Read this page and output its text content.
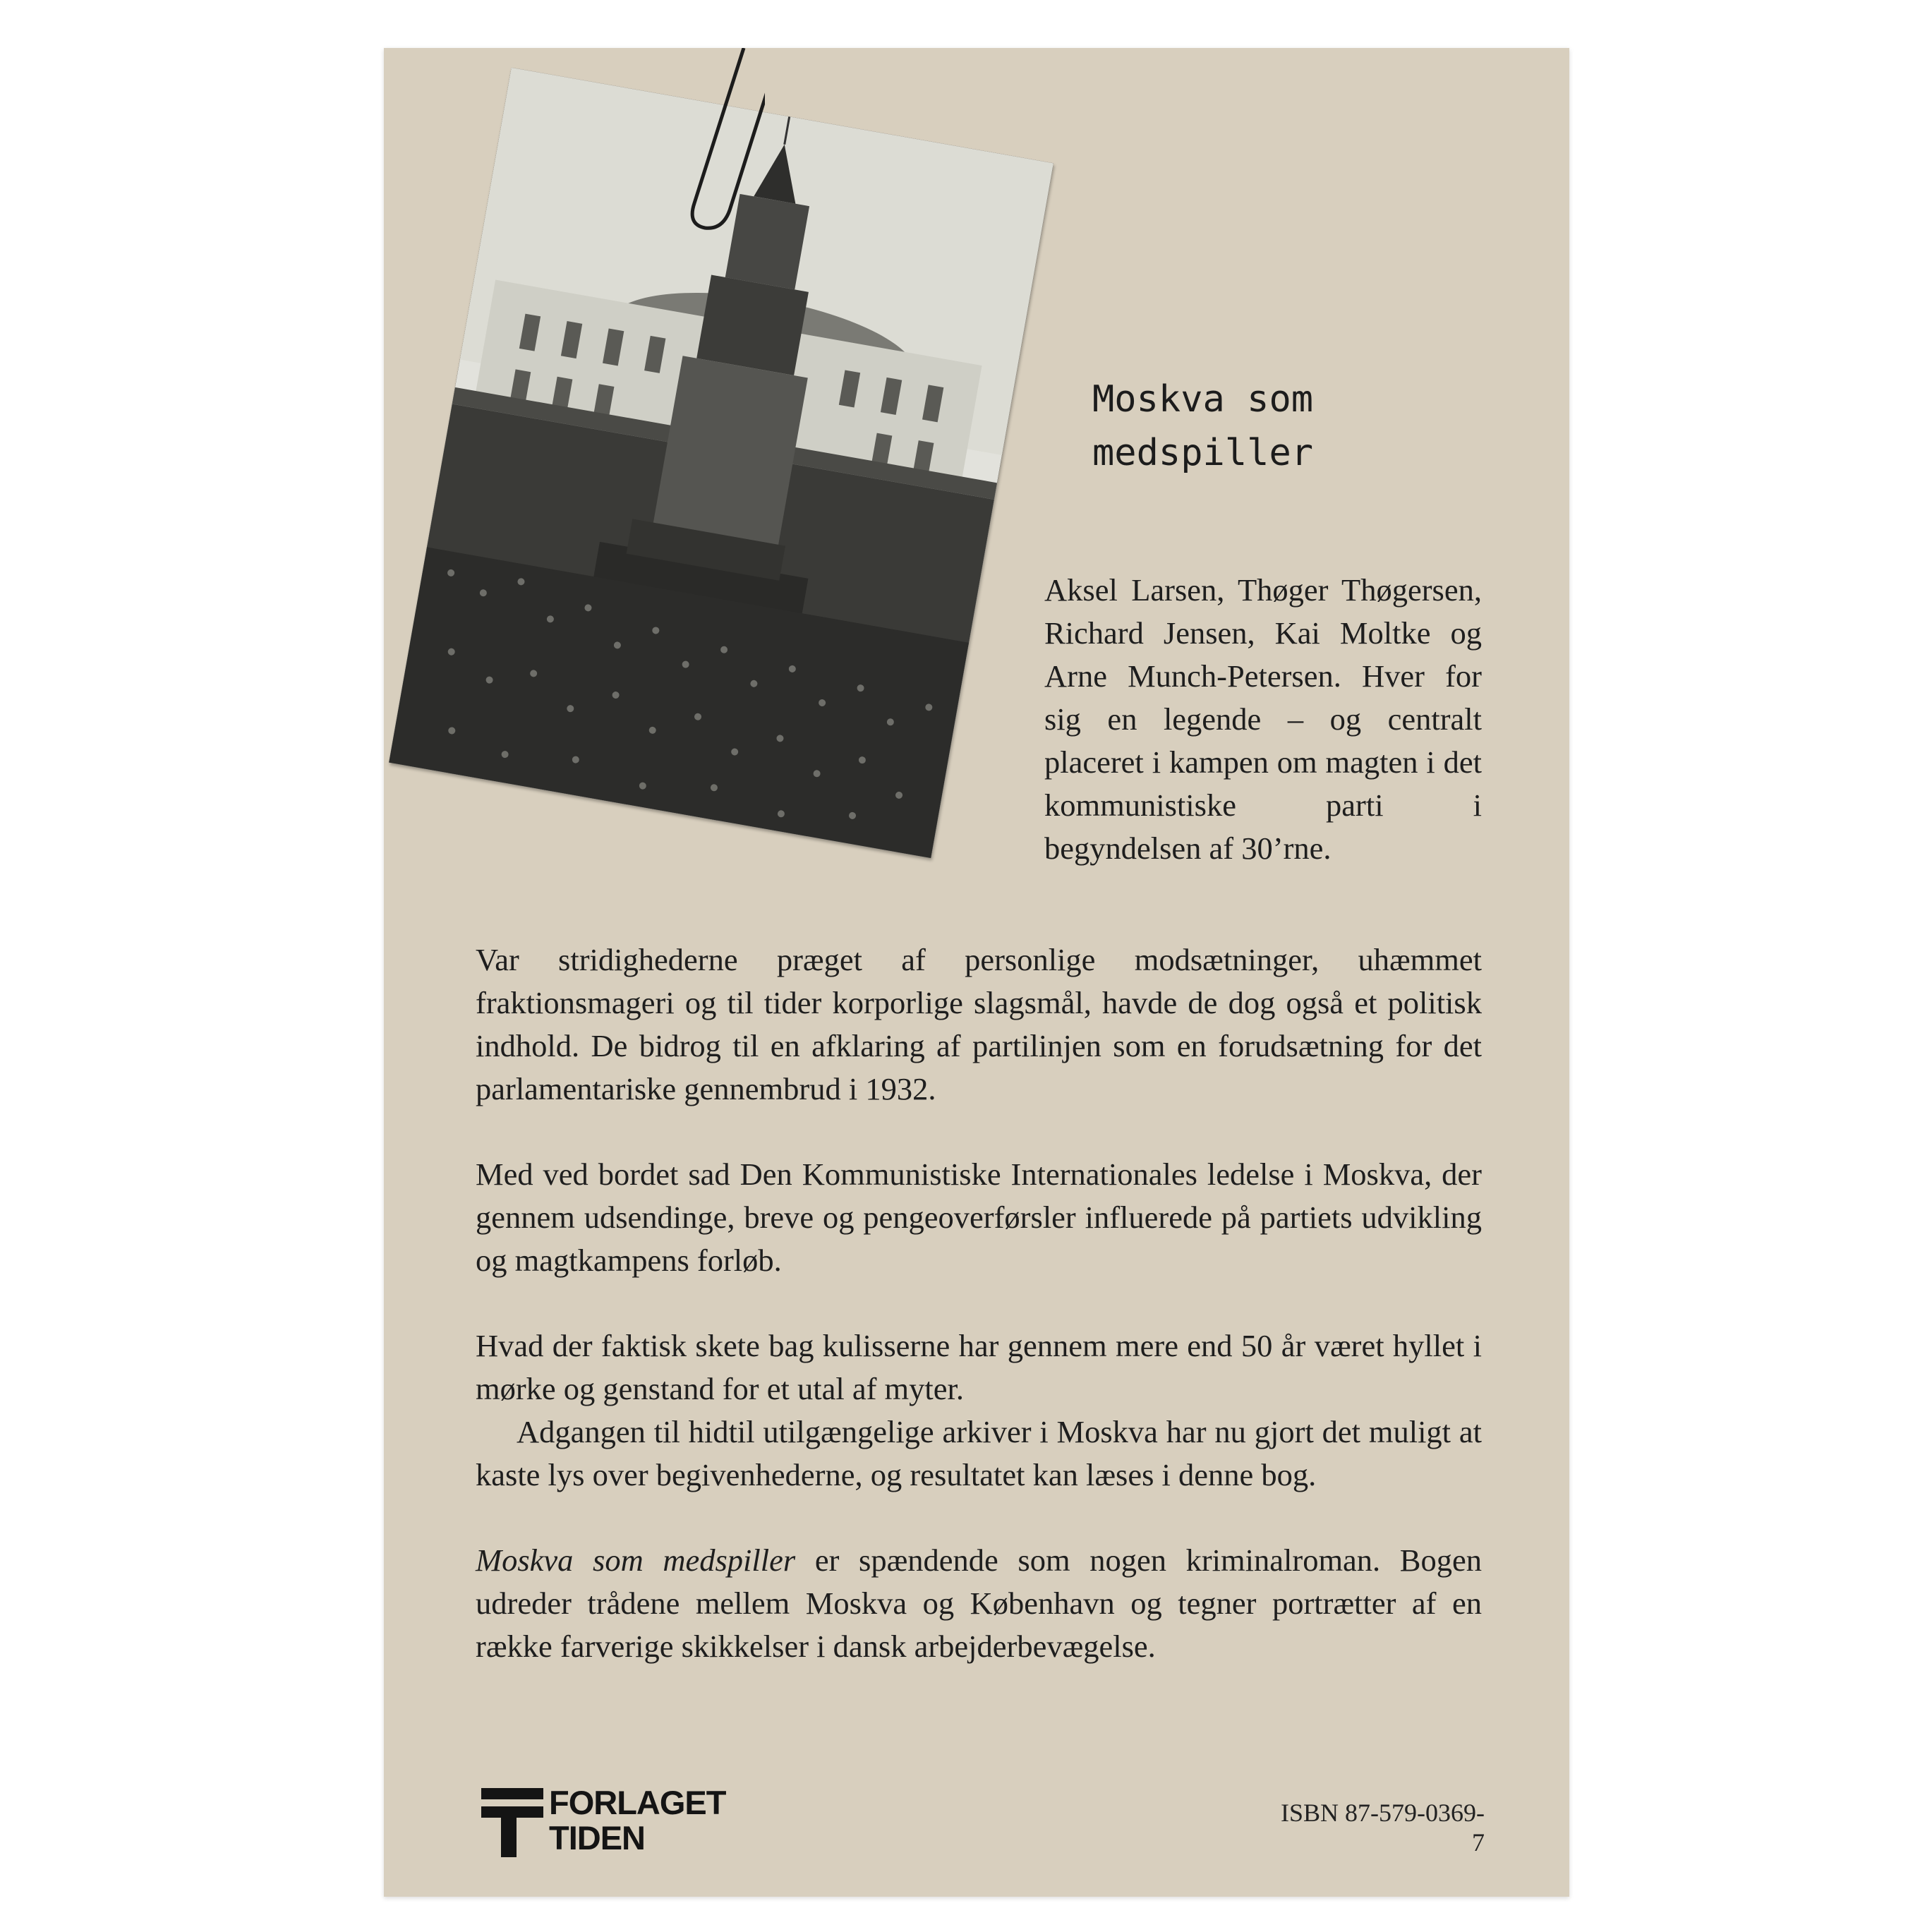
Moskva som
medspiller

Aksel Larsen, Thøger Thøgersen, Richard Jensen, Kai Moltke og Arne Munch-Petersen. Hver for sig en legende – og centralt placeret i kampen om magten i det kommunistiske parti i begyndelsen af 30’rne.

Var stridighederne præget af personlige modsætninger, uhæmmet fraktionsmageri og til tider korporlige slagsmål, havde de dog også et politisk indhold. De bidrog til en afklaring af partilinjen som en forudsætning for det parlamentariske gennembrud i 1932.

Med ved bordet sad Den Kommunistiske Internationales ledelse i Moskva, der gennem udsendinge, breve og pengeoverførsler influerede på partiets udvikling og magtkampens forløb.

Hvad der faktisk skete bag kulisserne har gennem mere end 50 år været hyllet i mørke og genstand for et utal af myter.

Adgangen til hidtil utilgængelige arkiver i Moskva har nu gjort det muligt at kaste lys over begivenhederne, og resultatet kan læses i denne bog.

Moskva som medspiller er spændende som nogen kriminalroman. Bogen udreder trådene mellem Moskva og København og tegner portrætter af en række farverige skikkelser i dansk arbejderbevægelse.

FORLAGET
TIDEN
ISBN 87-579-0369-7
